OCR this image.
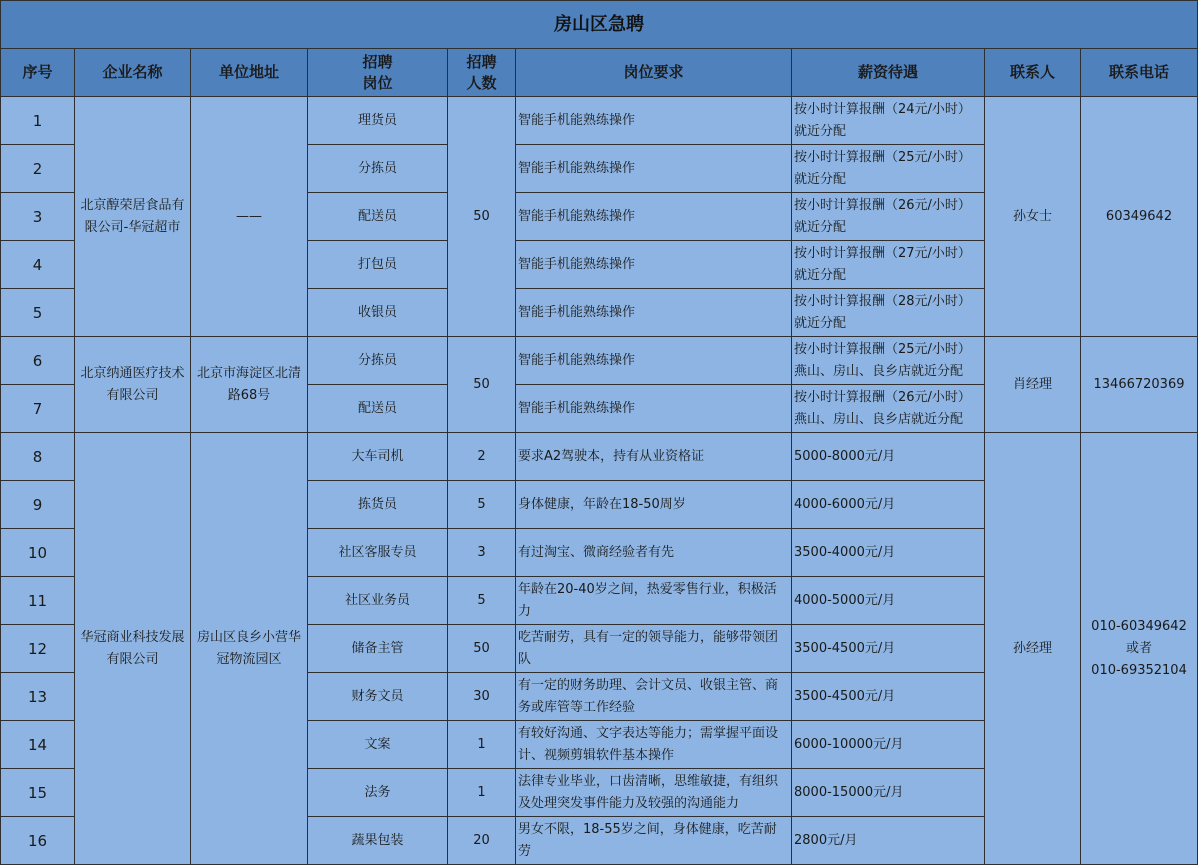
房山区急聘								
序号	企业名称	单位地址	招聘
岗位	招聘
人数	岗位要求	薪资待遇	联系人	联系电话
1	北京醇荣居食品有限公司-华冠超市	——	理货员	50	智能手机能熟练操作	按小时计算报酬（24元/小时）
就近分配	孙女士	60349642
2			分拣员		智能手机能熟练操作	按小时计算报酬（25元/小时）
就近分配		
3			配送员		智能手机能熟练操作	按小时计算报酬（26元/小时）
就近分配		
4			打包员		智能手机能熟练操作	按小时计算报酬（27元/小时）
就近分配		
5			收银员		智能手机能熟练操作	按小时计算报酬（28元/小时）
就近分配		
6	北京纳通医疗技术有限公司	北京市海淀区北清路68号	分拣员	50	智能手机能熟练操作	按小时计算报酬（25元/小时）
燕山、房山、良乡店就近分配	肖经理	13466720369
7			配送员		智能手机能熟练操作	按小时计算报酬（26元/小时）
燕山、房山、良乡店就近分配		
8	华冠商业科技发展有限公司	房山区良乡小营华冠物流园区	大车司机	2	要求A2驾驶本，持有从业资格证	5000-8000元/月	孙经理	010-60349642
或者
010-69352104
9			拣货员	5	身体健康，年龄在18-50周岁	4000-6000元/月		
10			社区客服专员	3	有过淘宝、微商经验者有先	3500-4000元/月		
11			社区业务员	5	年龄在20-40岁之间，热爱零售行业，积极活力	4000-5000元/月		
12			储备主管	50	吃苦耐劳，具有一定的领导能力，能够带领团队	3500-4500元/月		
13			财务文员	30	有一定的财务助理、会计文员、收银主管、商务或库管等工作经验	3500-4500元/月		
14			文案	1	有较好沟通、文字表达等能力；需掌握平面设计、视频剪辑软件基本操作	6000-10000元/月		
15			法务	1	法律专业毕业，口齿清晰，思维敏捷，有组织及处理突发事件能力及较强的沟通能力	8000-15000元/月		
16			蔬果包装	20	男女不限，18-55岁之间，身体健康，吃苦耐劳	2800元/月		
